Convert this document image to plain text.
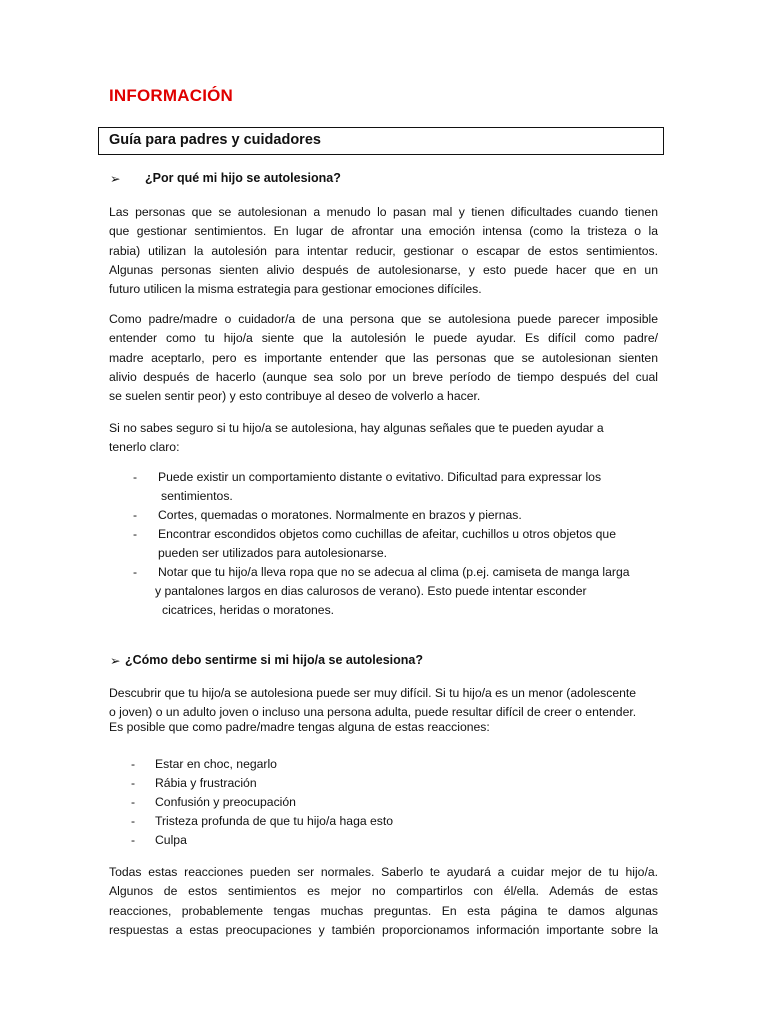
INFORMACIÓN
Guía para padres y cuidadores
➢ ¿Por qué mi hijo se autolesiona?
Las personas que se autolesionan a menudo lo pasan mal y tienen dificultades cuando tienen
que gestionar sentimientos. En lugar de afrontar una emoción intensa (como la tristeza o la
rabia) utilizan la autolesión para intentar reducir, gestionar o escapar de estos sentimientos.
Algunas personas sienten alivio después de autolesionarse, y esto puede hacer que en un
futuro utilicen la misma estrategia para gestionar emociones difíciles.
Como padre/madre o cuidador/a de una persona que se autolesiona puede parecer imposible
entender como tu hijo/a siente que la autolesión le puede ayudar. Es difícil como padre/
madre aceptarlo, pero es importante entender que las personas que se autolesionan sienten
alivio después de hacerlo (aunque sea solo por un breve período de tiempo después del cual
se suelen sentir peor) y esto contribuye al deseo de volverlo a hacer.
Si no sabes seguro si tu hijo/a se autolesiona, hay algunas señales que te pueden ayudar a
tenerlo claro:
- Puede existir un comportamiento distante o evitativo. Dificultad para expressar los
sentimientos.
- Cortes, quemadas o moratones. Normalmente en brazos y piernas.
- Encontrar escondidos objetos como cuchillas de afeitar, cuchillos u otros objetos que
pueden ser utilizados para autolesionarse.
- Notar que tu hijo/a lleva ropa que no se adecua al clima (p.ej. camiseta de manga larga
y pantalones largos en dias calurosos de verano). Esto puede intentar esconder
cicatrices, heridas o moratones.
➢ ¿Cómo debo sentirme si mi hijo/a se autolesiona?
Descubrir que tu hijo/a se autolesiona puede ser muy difícil. Si tu hijo/a es un menor (adolescente
o joven) o un adulto joven o incluso una persona adulta, puede resultar difícil de creer o entender.
Es posible que como padre/madre tengas alguna de estas reacciones:
- Estar en choc, negarlo
- Rábia y frustración
- Confusión y preocupación
- Tristeza profunda de que tu hijo/a haga esto
- Culpa
Todas estas reacciones pueden ser normales. Saberlo te ayudará a cuidar mejor de tu hijo/a.
Algunos de estos sentimientos es mejor no compartirlos con él/ella. Además de estas
reacciones, probablemente tengas muchas preguntas. En esta página te damos algunas
respuestas a estas preocupaciones y también proporcionamos información importante sobre la
